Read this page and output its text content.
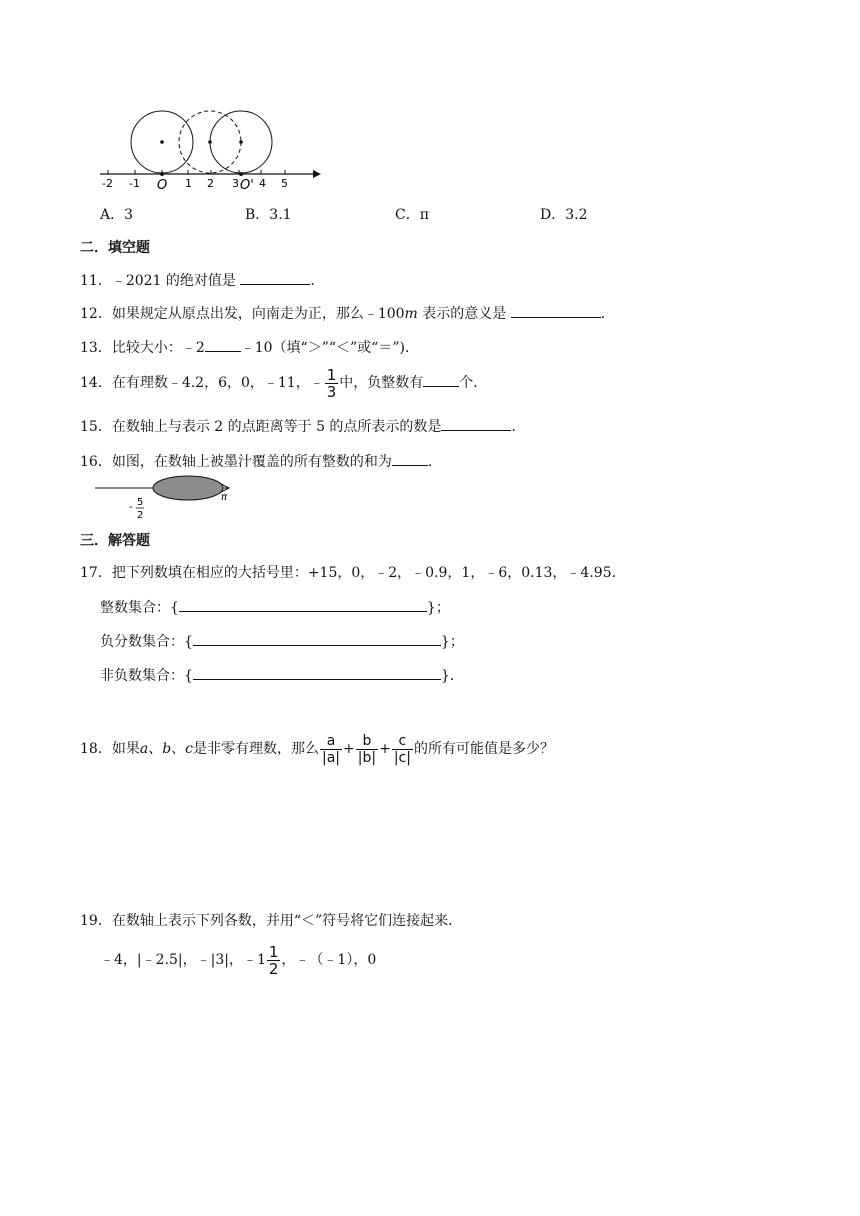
-2 -1 O 1 2 3 O' 4 5
A．3	B．3.1	C．π	D．3.2
二．填空题
11．﹣2021 的绝对值是	．
12．如果规定从原点出发，向南走为正，那么﹣100m 表示的意义是	．
13．比较大小：﹣2	﹣10（填“＞”“＜”或“＝”)．
14．在有理数﹣4.2，6，0，﹣11，﹣ $\frac{1}{3}$ 中，负整数有	个．
15．在数轴上与表示 2 的点距离等于 5 的点所表示的数是	．
16．如图，在数轴上被墨汁覆盖的所有整数的和为	．
- 5
2
π
三．解答题
17．把下列数填在相应的大括号里：+15，0，﹣2，﹣0.9，1，﹣6，0.13，﹣4.95．
整数集合：{	}；
负分数集合：{	}；
非负数集合：{	}．
18．如果a、b、c是非零有理数，那么 $\frac{a}{|a|} + \frac{b}{|b|} + \frac{c}{|c|}$ 的所有可能值是多少？
19．在数轴上表示下列各数，并用“＜”符号将它们连接起来．
﹣4，|﹣2.5|，﹣|3|，﹣1 $\frac{1}{2}$ ，﹣（﹣1），0
